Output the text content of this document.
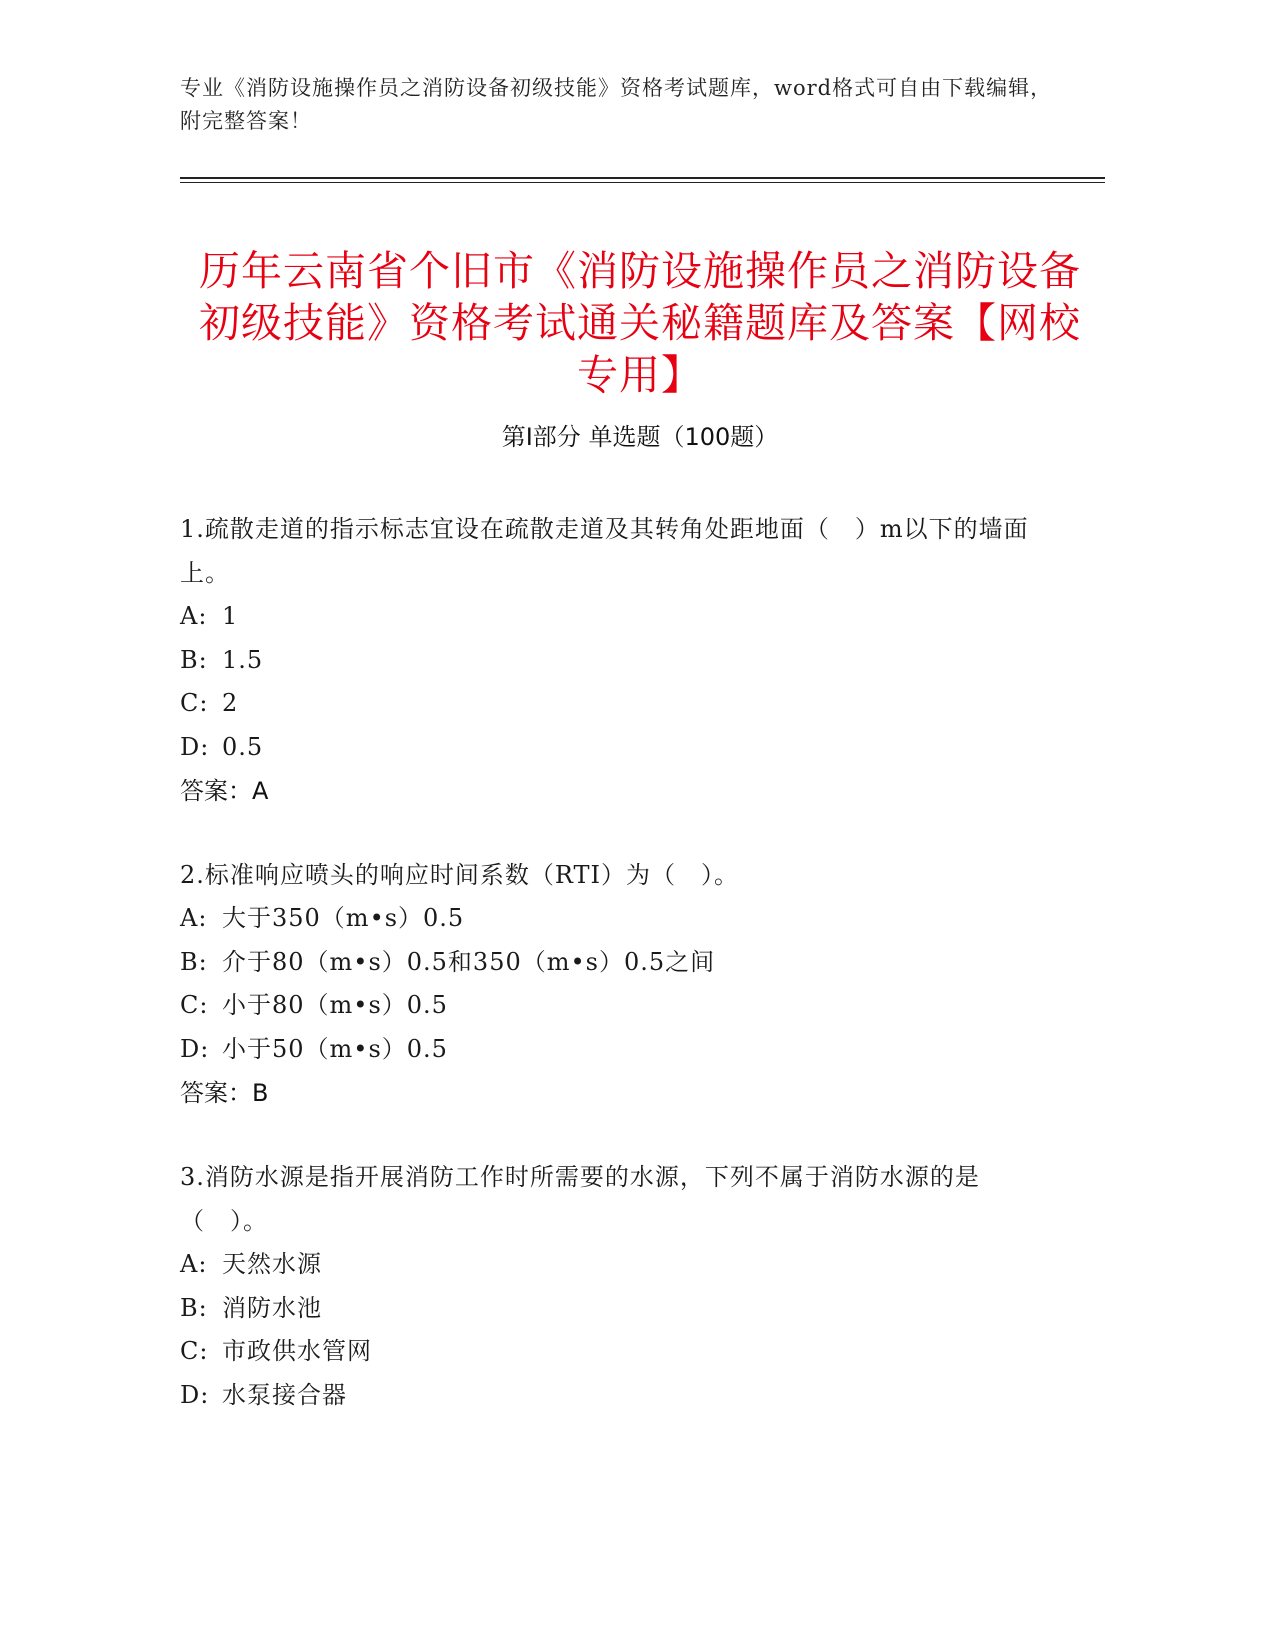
专业《消防设施操作员之消防设备初级技能》资格考试题库，word格式可自由下载编辑，附完整答案！
历年云南省个旧市《消防设施操作员之消防设备初级技能》资格考试通关秘籍题库及答案【网校专用】
第Ⅰ部分 单选题（100题）
1.疏散走道的指示标志宜设在疏散走道及其转角处距地面（　）m以下的墙面上。
A: 1
B: 1.5
C: 2
D: 0.5
答案：A
2.标准响应喷头的响应时间系数（RTI）为（　）。
A: 大于350（m•s）0.5
B: 介于80（m•s）0.5和350（m•s）0.5之间
C: 小于80（m•s）0.5
D: 小于50（m•s）0.5
答案：B
3.消防水源是指开展消防工作时所需要的水源，下列不属于消防水源的是（　）。
A: 天然水源
B: 消防水池
C: 市政供水管网
D: 水泵接合器
